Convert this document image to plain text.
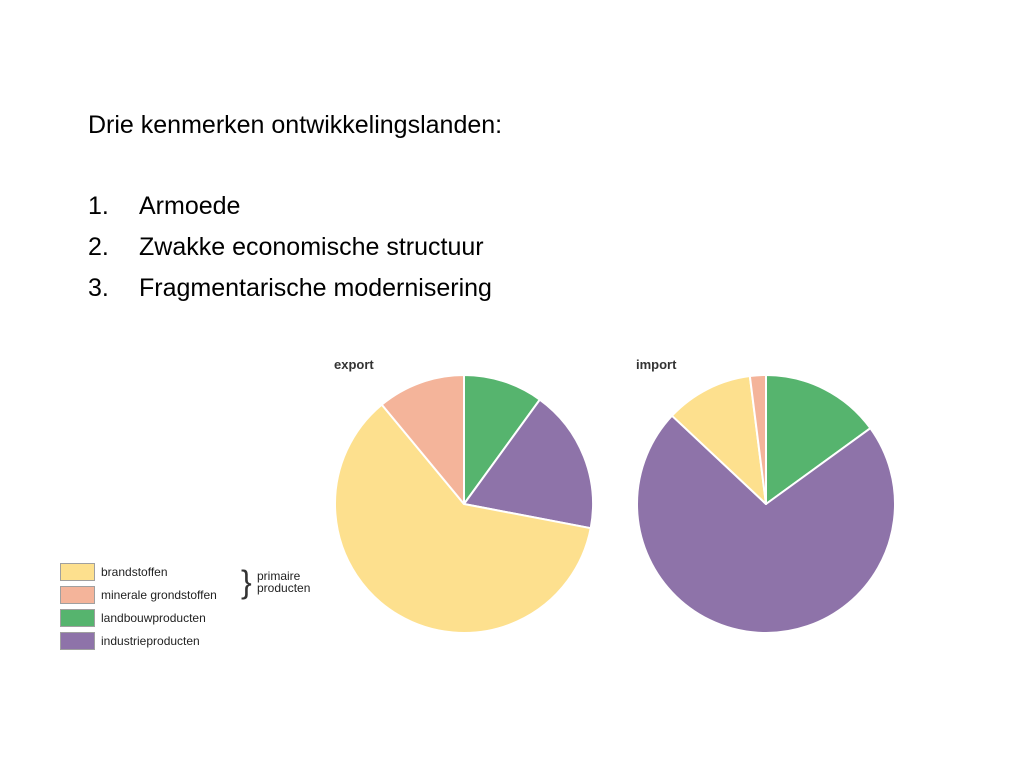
Drie kenmerken ontwikkelingslanden:
1.	Armoede
2.	Zwakke economische structuur
3.	Fragmentarische modernisering
export	import
brandstoffen
minerale grondstoffen
landbouwproducten
industrieproducten
} primaire producten
